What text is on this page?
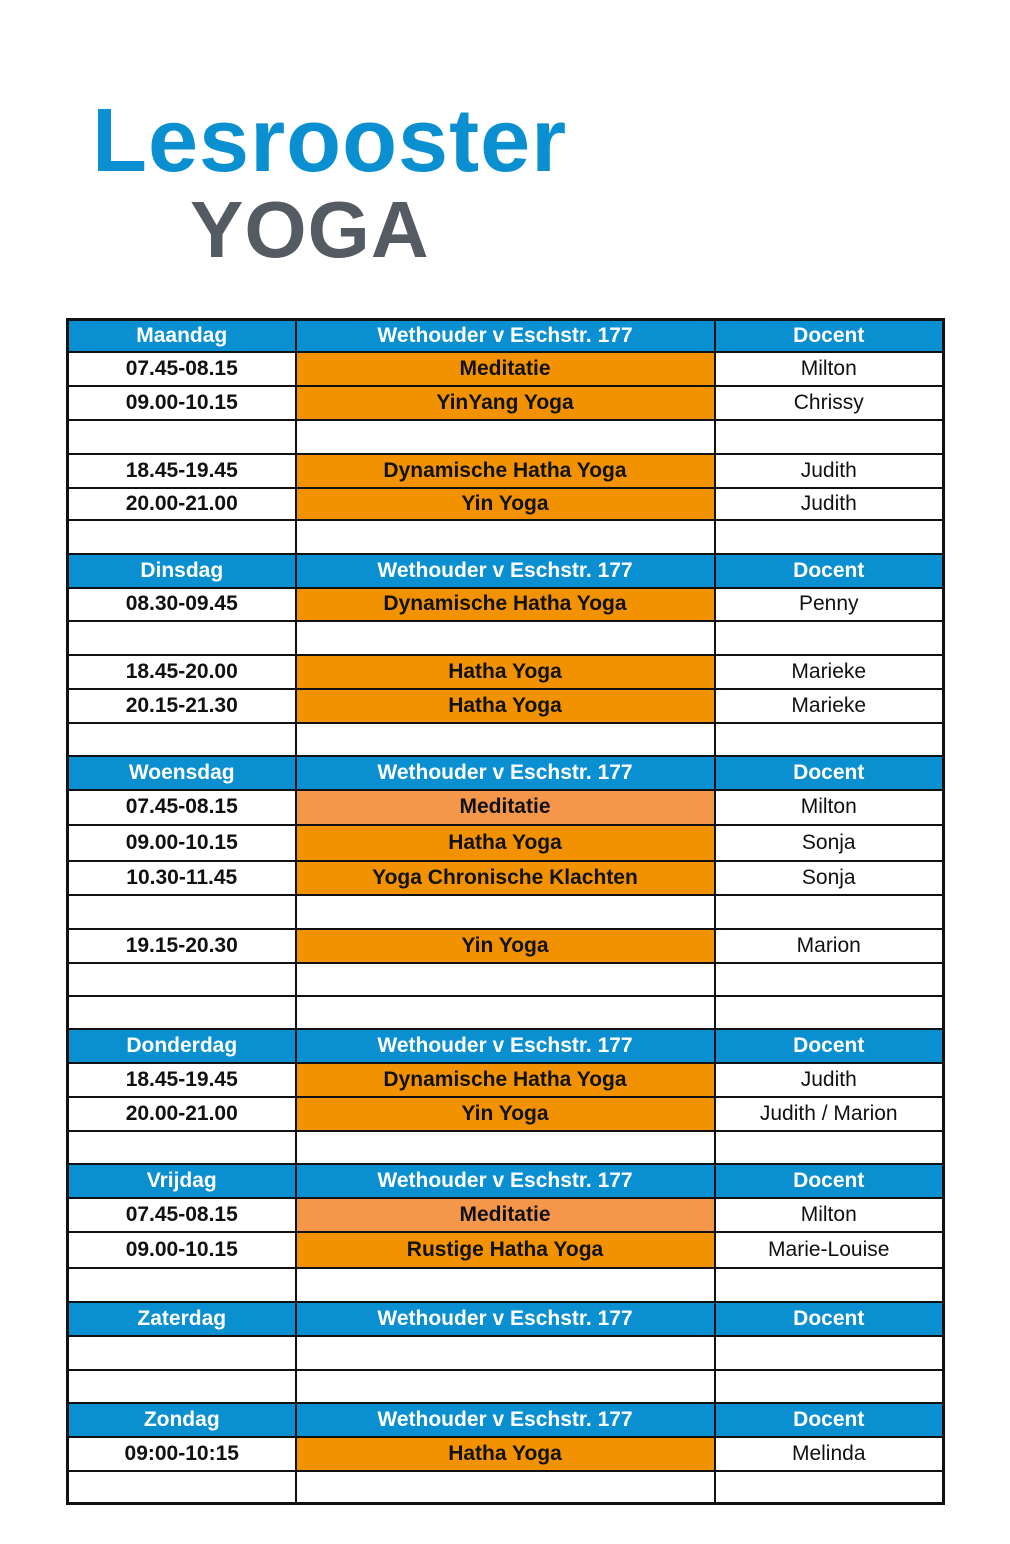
Lesrooster
YOGA
Maandag	Wethouder v Eschstr. 177	Docent
07.45-08.15	Meditatie	Milton
09.00-10.15	YinYang Yoga	Chrissy

18.45-19.45	Dynamische Hatha Yoga	Judith
20.00-21.00	Yin Yoga	Judith

Dinsdag	Wethouder v Eschstr. 177	Docent
08.30-09.45	Dynamische Hatha Yoga	Penny

18.45-20.00	Hatha Yoga	Marieke
20.15-21.30	Hatha Yoga	Marieke

Woensdag	Wethouder v Eschstr. 177	Docent
07.45-08.15	Meditatie	Milton
09.00-10.15	Hatha Yoga	Sonja
10.30-11.45	Yoga Chronische Klachten	Sonja

19.15-20.30	Yin Yoga	Marion

Donderdag	Wethouder v Eschstr. 177	Docent
18.45-19.45	Dynamische Hatha Yoga	Judith
20.00-21.00	Yin Yoga	Judith / Marion

Vrijdag	Wethouder v Eschstr. 177	Docent
07.45-08.15	Meditatie	Milton
09.00-10.15	Rustige Hatha Yoga	Marie-Louise

Zaterdag	Wethouder v Eschstr. 177	Docent

Zondag	Wethouder v Eschstr. 177	Docent
09:00-10:15	Hatha Yoga	Melinda
